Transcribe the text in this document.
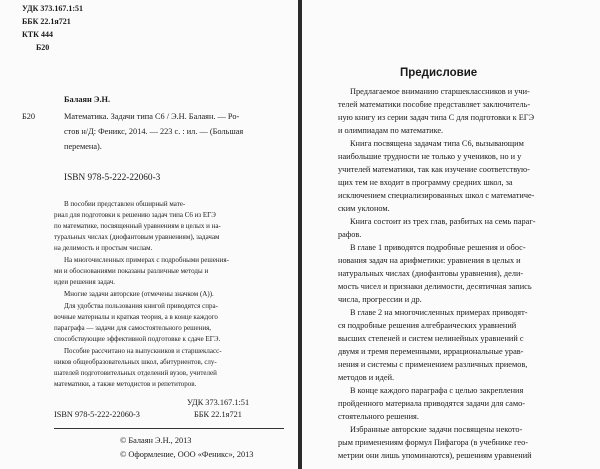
УДК 373.167.1:51
ББК 22.1я721
КТК 444
Б20
Балаян Э.Н.
Б20	Математика. Задачи типа С6 / Э.Н. Балаян. — Ро-
стов н/Д: Феникс, 2014. — 223 с. : ил. — (Большая
перемена).
ISBN 978-5-222-22060-3
В пособии представлен обширный мате-
риал для подготовки к решению задач типа С6 из ЕГЭ
по математике, посвященный уравнениям в целых и на-
туральных числах (диофантовым уравнениям), задачам
на делимость и простым числам.
На многочисленных примерах с подробными решения-
ми и обоснованиями показаны различные методы и
идеи решения задач.
Многие задачи авторские (отмечены значком (А)).
Для удобства пользования книгой приводятся спра-
вочные материалы и краткая теория, а в конце каждого
параграфа — задачи для самостоятельного решения,
способствующие эффективной подготовке к сдаче ЕГЭ.
Пособие рассчитано на выпускников и старшекласс-
ников общеобразовательных школ, абитуриентов, слу-
шателей подготовительных отделений вузов, учителей
математики, а также методистов и репетиторов.
УДК 373.167.1:51
ISBN 978-5-222-22060-3	ББК 22.1я721
© Балаян Э.Н., 2013
© Оформление, ООО «Феникс», 2013
Предисловие
Предлагаемое вниманию старшеклассников и учи-
телей математики пособие представляет заключитель-
ную книгу из серии задач типа С для подготовки к ЕГЭ
и олимпиадам по математике.
Книга посвящена задачам типа С6, вызывающим
наибольшие трудности не только у учеников, но и у
учителей математики, так как изучение соответствую-
щих тем не входит в программу средних школ, за
исключением специализированных школ с математиче-
ским уклоном.
Книга состоит из трех глав, разбитых на семь параг-
рафов.
В главе 1 приводятся подробные решения и обос-
нования задач на арифметики: уравнения в целых и
натуральных числах (диофантовы уравнения), дели-
мость чисел и признаки делимости, десятичная запись
числа, прогрессии и др.
В главе 2 на многочисленных примерах приводят-
ся подробные решения алгебраических уравнений
высших степеней и систем нелинейных уравнений с
двумя и тремя переменными, иррациональные урав-
нения и системы с применением различных приемов,
методов и идей.
В конце каждого параграфа с целью закрепления
пройденного материала приводятся задачи для само-
стоятельного решения.
Избранные авторские задачи посвящены некото-
рым применениям формул Пифагора (в учебнике гео-
метрии они лишь упоминаются), решениям уравнений
